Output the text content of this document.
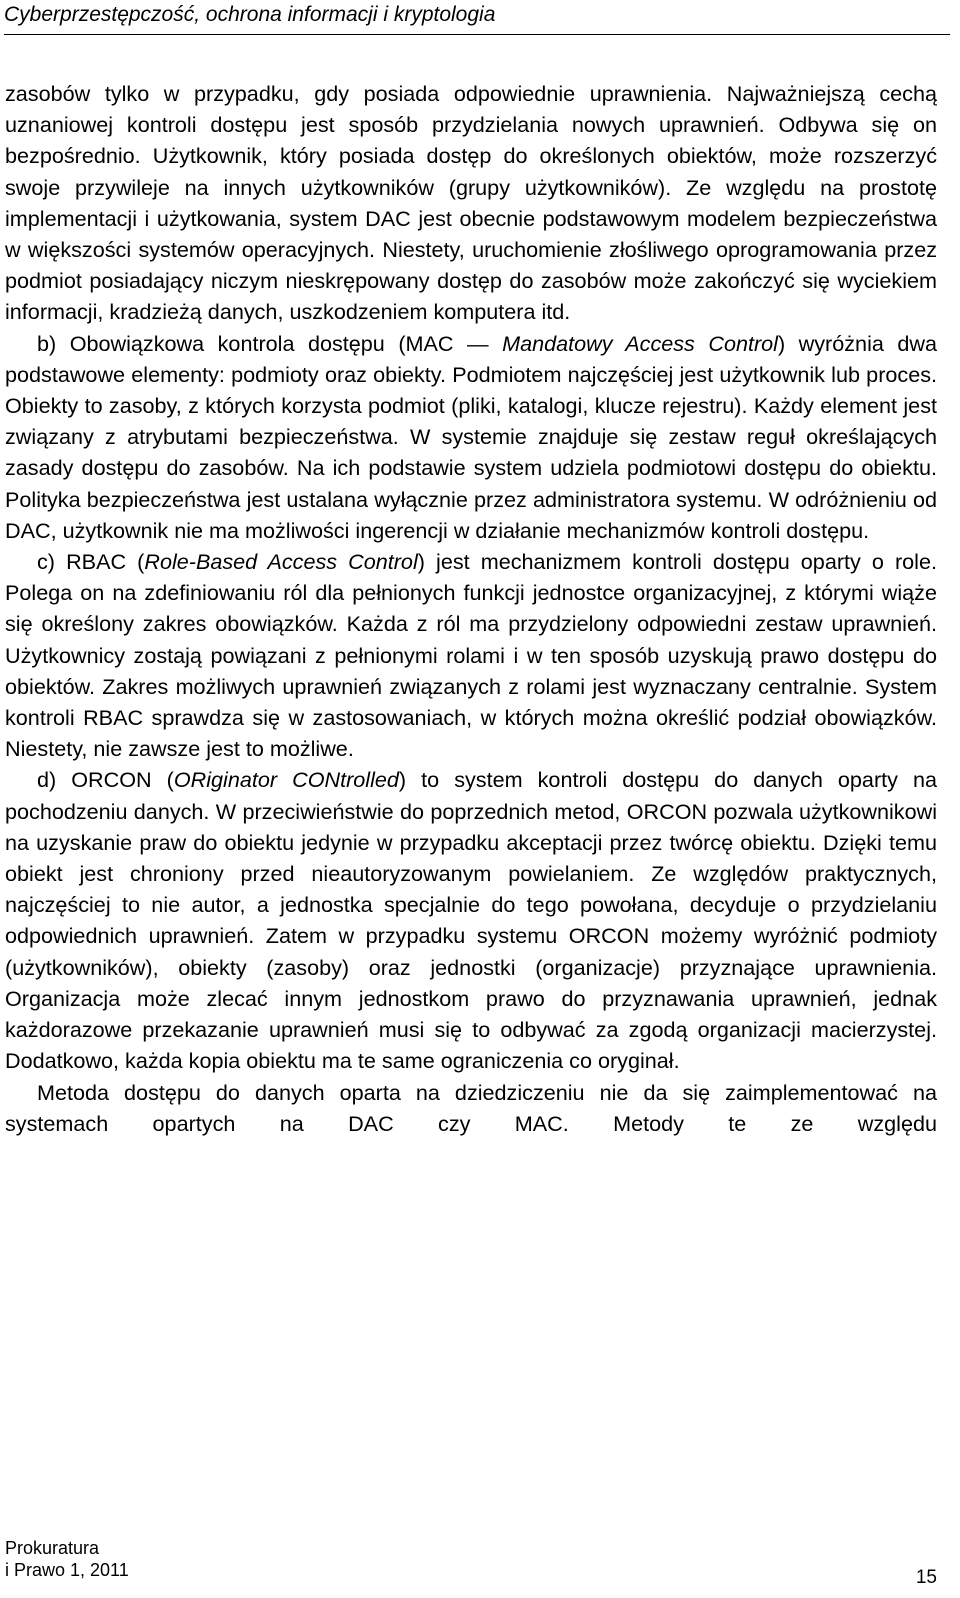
Cyberprzestępczość, ochrona informacji i kryptologia

zasobów tylko w przypadku, gdy posiada odpowiednie uprawnienia. Najważniejszą cechą uznaniowej kontroli dostępu jest sposób przydzielania nowych uprawnień. Odbywa się on bezpośrednio. Użytkownik, który posiada dostęp do określonych obiektów, może rozszerzyć swoje przywileje na innych użytkowników (grupy użytkowników). Ze względu na prostotę implementacji i użytkowania, system DAC jest obecnie podstawowym modelem bezpieczeństwa w większości systemów operacyjnych. Niestety, uruchomienie złośliwego oprogramowania przez podmiot posiadający niczym nieskrępowany dostęp do zasobów może zakończyć się wyciekiem informacji, kradzieżą danych, uszkodzeniem komputera itd.

b) Obowiązkowa kontrola dostępu (MAC — Mandatowy Access Control) wyróżnia dwa podstawowe elementy: podmioty oraz obiekty. Podmiotem najczęściej jest użytkownik lub proces. Obiekty to zasoby, z których korzysta podmiot (pliki, katalogi, klucze rejestru). Każdy element jest związany z atrybutami bezpieczeństwa. W systemie znajduje się zestaw reguł określających zasady dostępu do zasobów. Na ich podstawie system udziela podmiotowi dostępu do obiektu. Polityka bezpieczeństwa jest ustalana wyłącznie przez administratora systemu. W odróżnieniu od DAC, użytkownik nie ma możliwości ingerencji w działanie mechanizmów kontroli dostępu.

c) RBAC (Role-Based Access Control) jest mechanizmem kontroli dostępu oparty o role. Polega on na zdefiniowaniu ról dla pełnionych funkcji jednostce organizacyjnej, z którymi wiąże się określony zakres obowiązków. Każda z ról ma przydzielony odpowiedni zestaw uprawnień. Użytkownicy zostają powiązani z pełnionymi rolami i w ten sposób uzyskują prawo dostępu do obiektów. Zakres możliwych uprawnień związanych z rolami jest wyznaczany centralnie. System kontroli RBAC sprawdza się w zastosowaniach, w których można określić podział obowiązków. Niestety, nie zawsze jest to możliwe.

d) ORCON (ORiginator CONtrolled) to system kontroli dostępu do danych oparty na pochodzeniu danych. W przeciwieństwie do poprzednich metod, ORCON pozwala użytkownikowi na uzyskanie praw do obiektu jedynie w przypadku akceptacji przez twórcę obiektu. Dzięki temu obiekt jest chroniony przed nieautoryzowanym powielaniem. Ze względów praktycznych, najczęściej to nie autor, a jednostka specjalnie do tego powołana, decyduje o przydzielaniu odpowiednich uprawnień. Zatem w przypadku systemu ORCON możemy wyróżnić podmioty (użytkowników), obiekty (zasoby) oraz jednostki (organizacje) przyznające uprawnienia. Organizacja może zlecać innym jednostkom prawo do przyznawania uprawnień, jednak każdorazowe przekazanie uprawnień musi się to odbywać za zgodą organizacji macierzystej. Dodatkowo, każda kopia obiektu ma te same ograniczenia co oryginał.

Metoda dostępu do danych oparta na dziedziczeniu nie da się zaimplementować na systemach opartych na DAC czy MAC. Metody te ze względu

Prokuratura
i Prawo 1, 2011	15
